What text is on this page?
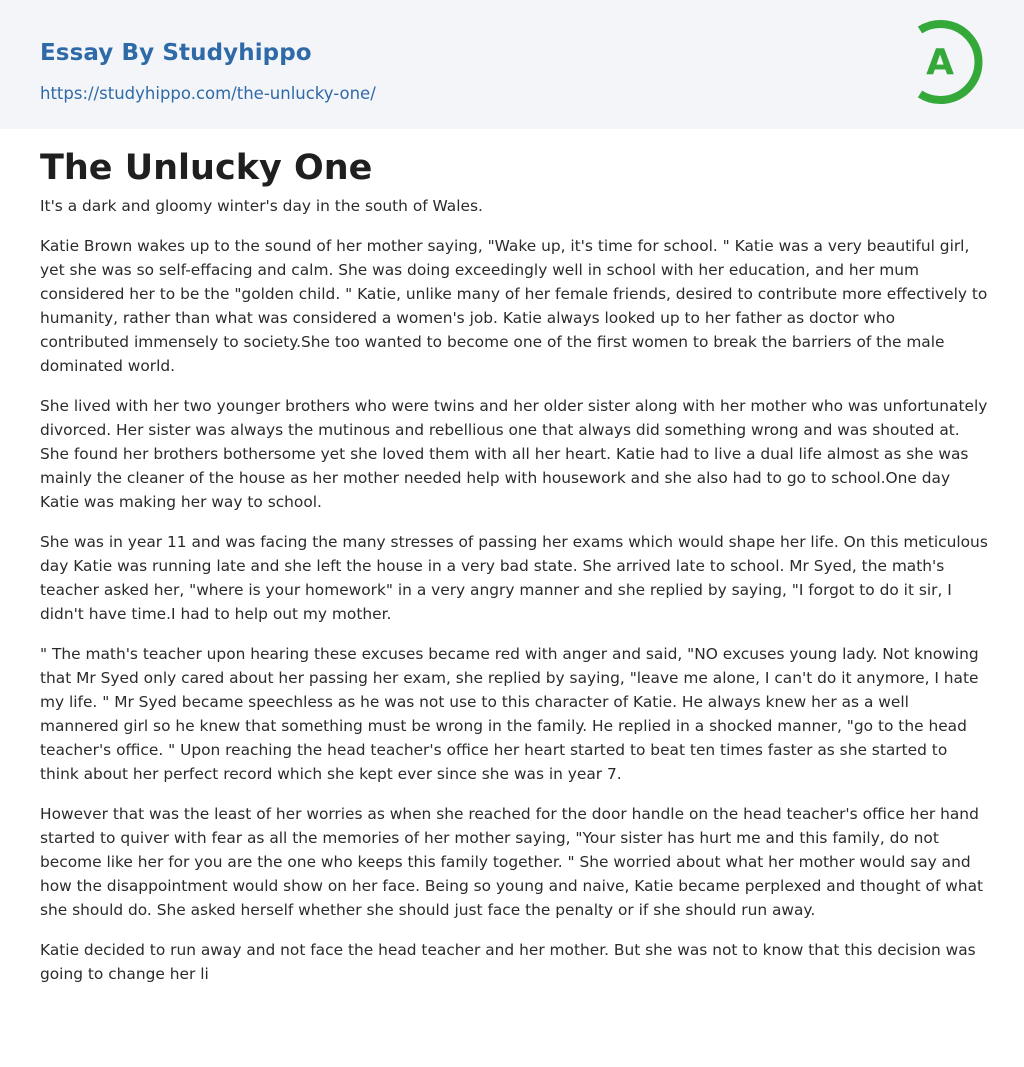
Essay By Studyhippo
https://studyhippo.com/the-unlucky-one/
A
The Unlucky One

It's a dark and gloomy winter's day in the south of Wales.

Katie Brown wakes up to the sound of her mother saying, "Wake up, it's time for school. " Katie was a very beautiful girl, yet she was so self-effacing and calm. She was doing exceedingly well in school with her education, and her mum considered her to be the "golden child. " Katie, unlike many of her female friends, desired to contribute more effectively to humanity, rather than what was considered a women's job. Katie always looked up to her father as doctor who contributed immensely to society.She too wanted to become one of the first women to break the barriers of the male dominated world.

She lived with her two younger brothers who were twins and her older sister along with her mother who was unfortunately divorced. Her sister was always the mutinous and rebellious one that always did something wrong and was shouted at. She found her brothers bothersome yet she loved them with all her heart. Katie had to live a dual life almost as she was mainly the cleaner of the house as her mother needed help with housework and she also had to go to school.One day Katie was making her way to school.

She was in year 11 and was facing the many stresses of passing her exams which would shape her life. On this meticulous day Katie was running late and she left the house in a very bad state. She arrived late to school. Mr Syed, the math's teacher asked her, "where is your homework" in a very angry manner and she replied by saying, "I forgot to do it sir, I didn't have time.I had to help out my mother.

" The math's teacher upon hearing these excuses became red with anger and said, "NO excuses young lady. Not knowing that Mr Syed only cared about her passing her exam, she replied by saying, "leave me alone, I can't do it anymore, I hate my life. " Mr Syed became speechless as he was not use to this character of Katie. He always knew her as a well mannered girl so he knew that something must be wrong in the family. He replied in a shocked manner, "go to the head teacher's office. " Upon reaching the head teacher's office her heart started to beat ten times faster as she started to think about her perfect record which she kept ever since she was in year 7.

However that was the least of her worries as when she reached for the door handle on the head teacher's office her hand started to quiver with fear as all the memories of her mother saying, "Your sister has hurt me and this family, do not become like her for you are the one who keeps this family together. " She worried about what her mother would say and how the disappointment would show on her face. Being so young and naive, Katie became perplexed and thought of what she should do. She asked herself whether she should just face the penalty or if she should run away.

Katie decided to run away and not face the head teacher and her mother. But she was not to know that this decision was going to change her li
